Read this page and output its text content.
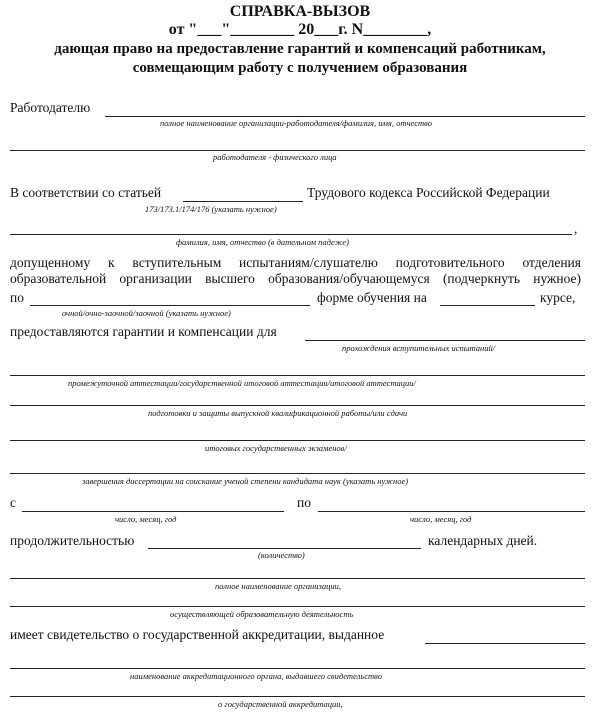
СПРАВКА-ВЫЗОВ
от "___"________ 20___г. N________,
дающая право на предоставление гарантий и компенсаций работникам,
совмещающим работу с получением образования
Работодателю
полное наименование организации-работодателя/фамилия, имя, отчество
работодателя - физического лица
В соответствии со статьей	Трудового кодекса Российской Федерации
173/173.1/174/176 (указать нужное)
,
фамилия, имя, отчество (в дательном падеже)
допущенному к вступительным испытаниям/слушателю подготовительного отделения
образовательной организации высшего образования/обучающемуся (подчеркнуть нужное)
по	форме обучения на	курсе,
очной/очно-заочной/заочной (указать нужное)
предоставляются гарантии и компенсации для
прохождения вступительных испытаний/
промежуточной аттестации/государственной итоговой аттестации/итоговой аттестации/
подготовки и защиты выпускной квалификационной работы/или сдачи
итоговых государственных экзаменов/
завершения диссертации на соискание ученой степени кандидата наук (указать нужное)
с
число, месяц, год
по
число, месяц, год
продолжительностью	календарных дней.
(количество)
полное наименование организации,
осуществляющей образовательную деятельность
имеет свидетельство о государственной аккредитации, выданное
наименование аккредитационного органа, выдавшего свидетельство
о государственной аккредитации,
